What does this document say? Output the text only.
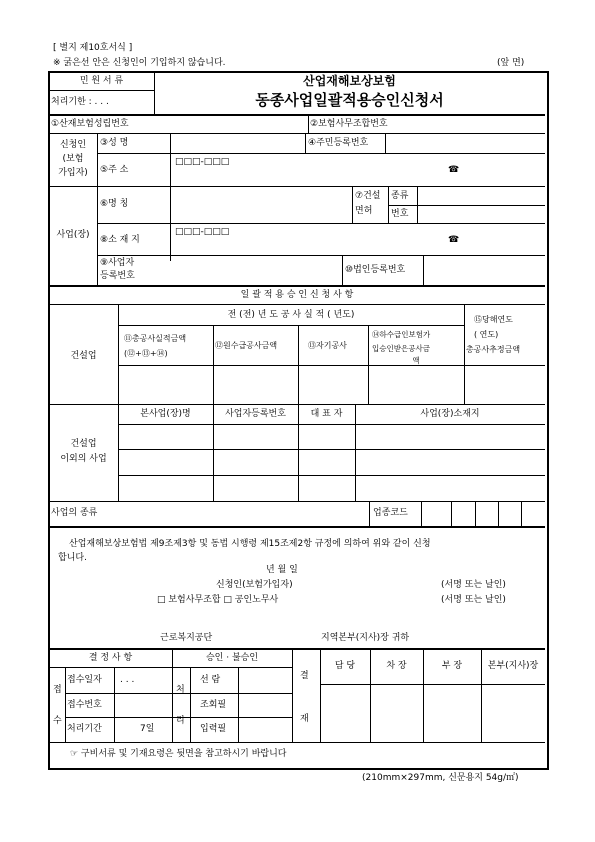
[ 별지 제10호서식 ]
※ 굵은선 안은 신청인이 기입하지 않습니다.	(앞 면)
민 원 서 류
처리기한 : . . .
산업재해보상보험
동종사업일괄적용승인신청서
①산재보험성립번호	②보험사무조합번호
신청인
(보험
가입자)
③성 명	④주민등록번호
⑤주 소
□□□-□□□
☎
사업(장)
⑥명 칭
⑦건설
면허
종류
번호
⑧소 재 지
□□□-□□□
☎
⑨사업자
등록번호
⑩법인등록번호
일 괄 적 용 승 인 신 청 사 항
건설업
전 (전) 년 도 공 사 실 적 ( 년도)
⑪총공사실적금액
(⑫+⑬+⑭)
⑫원수급공사금액	⑬자기공사
⑭하수급인보험가
입승인받은공사금
액
⑮당해연도
( 연도)
총공사추정금액
건설업
이외의 사업
본사업(장)명	사업자등록번호	대 표 자	사업(장)소재지
사업의 종류	업종코드
산업재해보상보험법 제9조제3항 및 동법 시행령 제15조제2항 규정에 의하여 위와 같이 신청
합니다.
년 월 일
신청인(보험가입자)	(서명 또는 날인)
□ 보험사무조합 □ 공인노무사	(서명 또는 날인)
근로복지공단	지역본부(지사)장 귀하
결 정 사 항	승인 · 불승인
접
수
접수일자 . . .
접수번호
처리기간	7일
처
리
선 람
조회필
입력필
결
재
담 당	차 장	부 장	본부(지사)장
☞ 구비서류 및 기재요령은 뒷면을 참고하시기 바랍니다
(210mm×297mm, 신문용지 54g/㎡)
